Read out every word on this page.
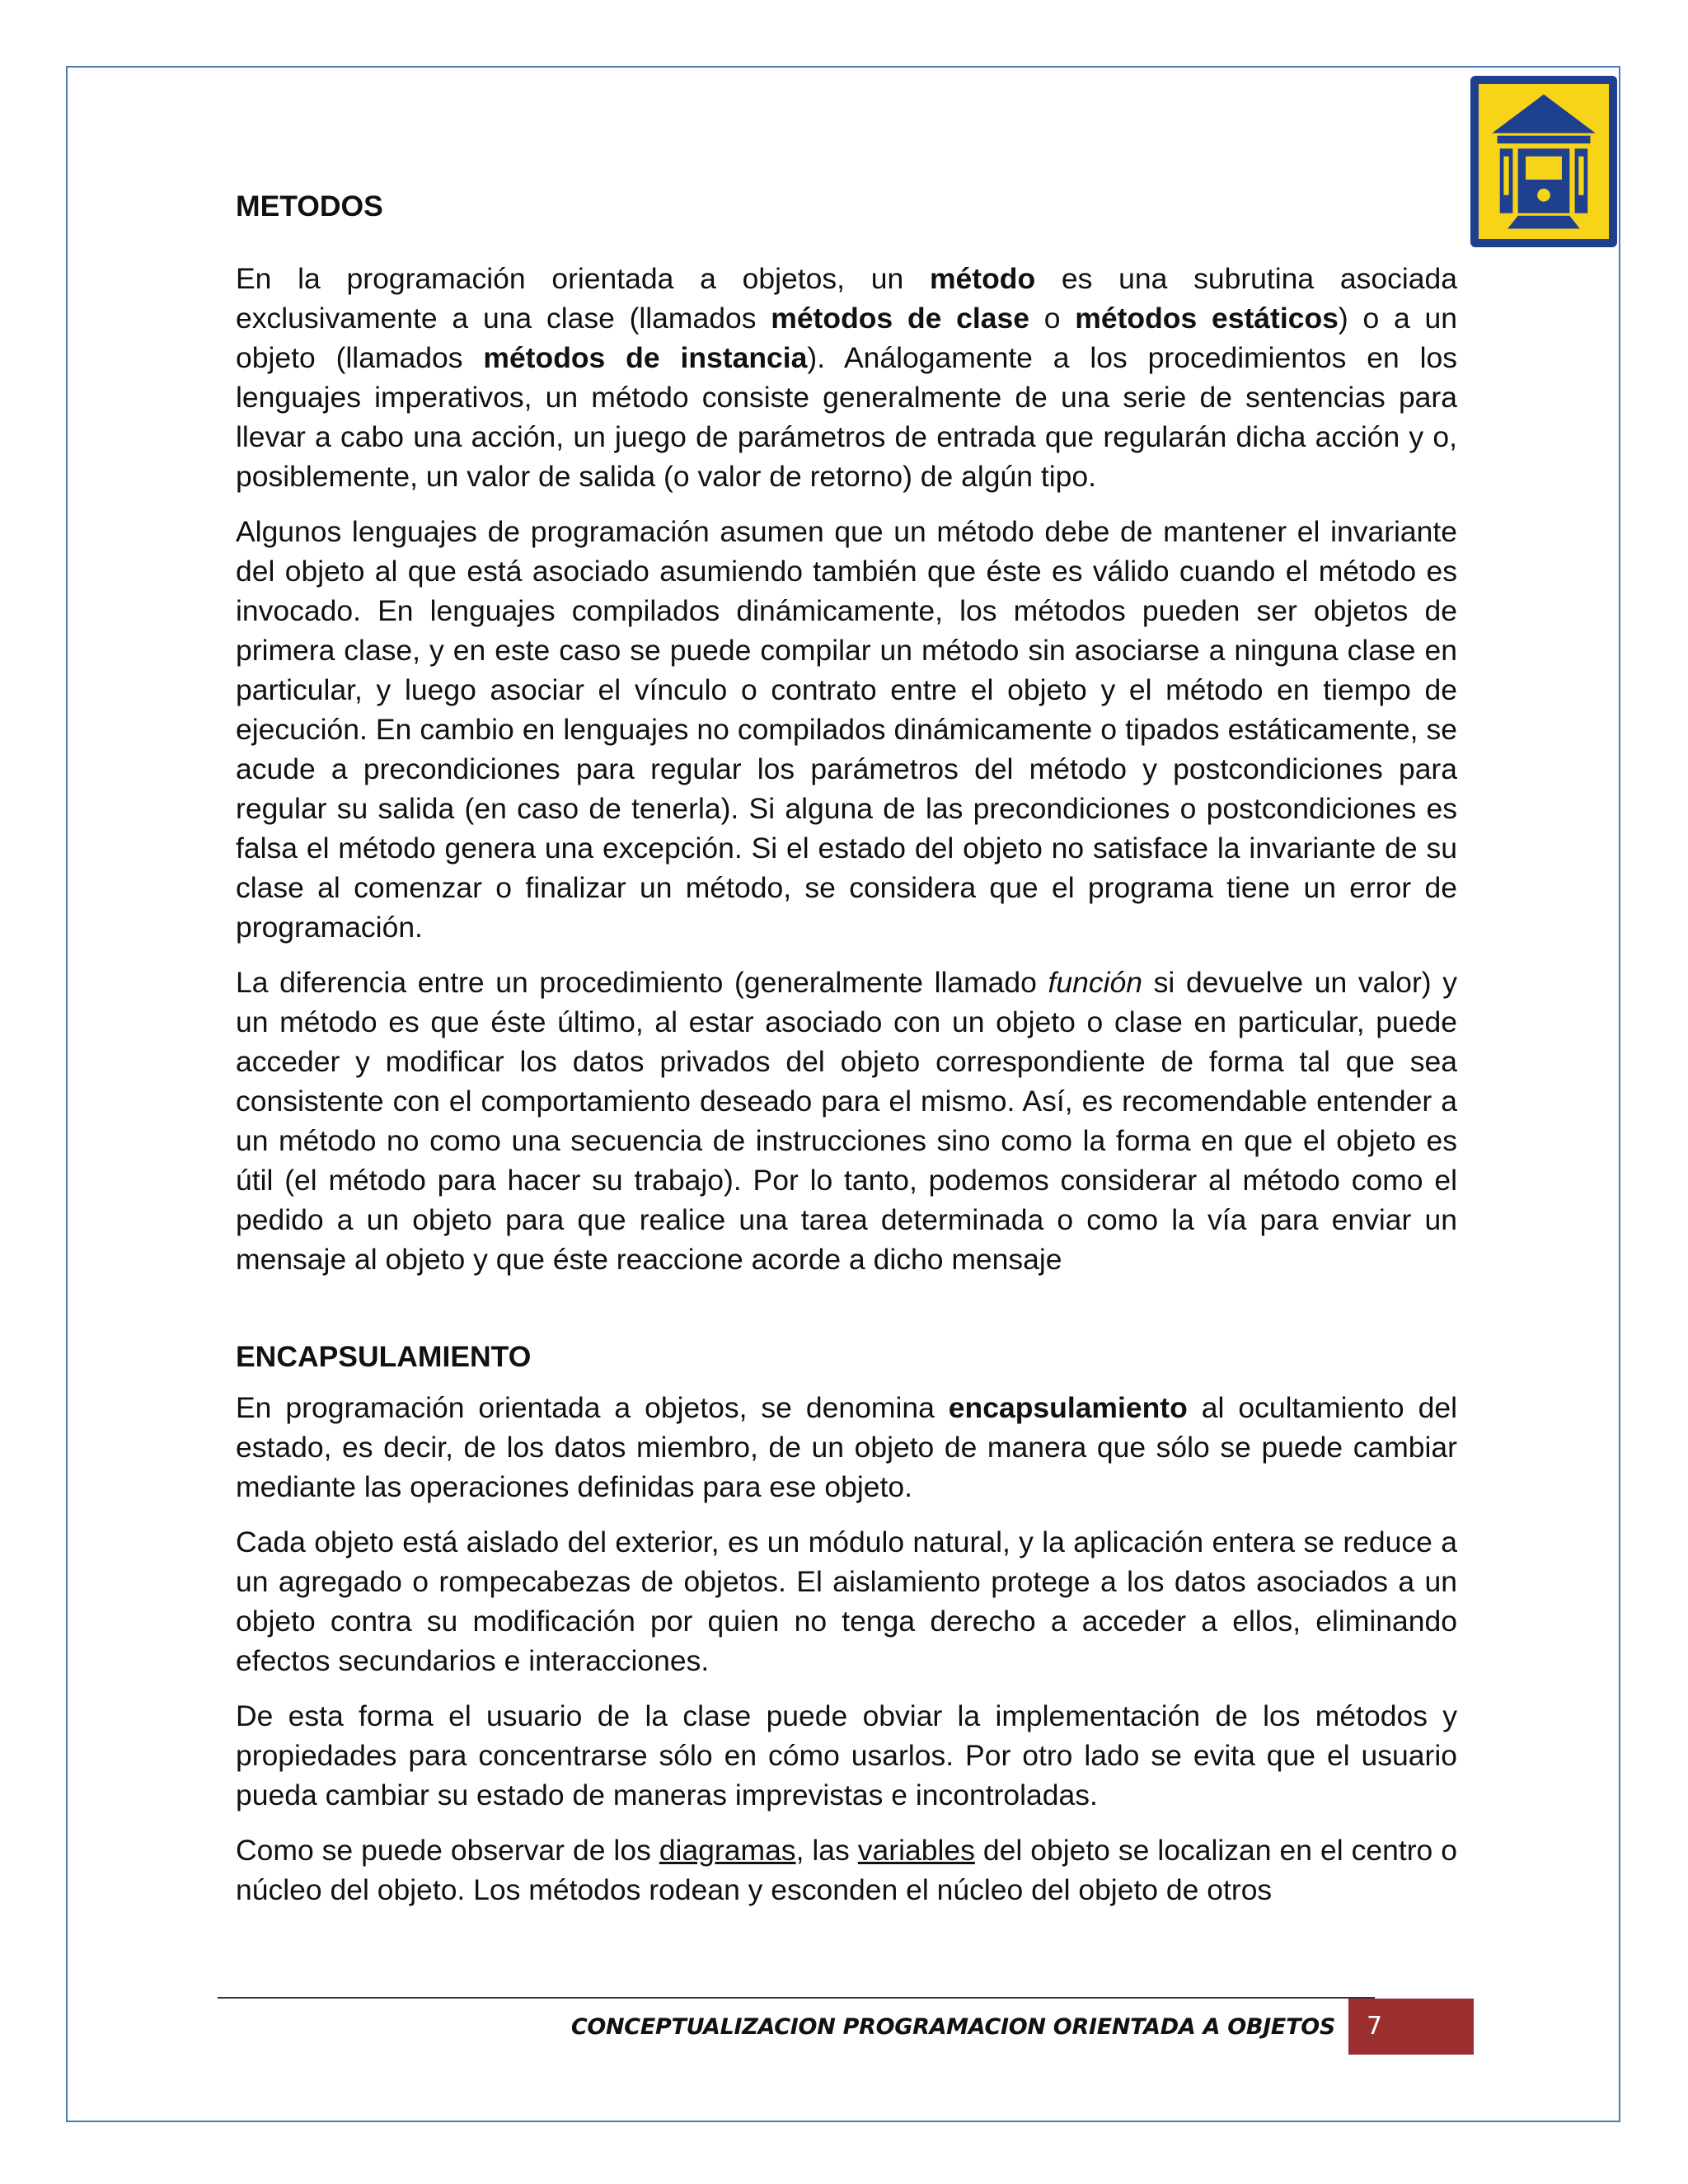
METODOS

En la programación orientada a objetos, un método es una subrutina asociada exclusivamente a una clase (llamados métodos de clase o métodos estáticos) o a un objeto (llamados métodos de instancia). Análogamente a los procedimientos en los lenguajes imperativos, un método consiste generalmente de una serie de sentencias para llevar a cabo una acción, un juego de parámetros de entrada que regularán dicha acción y o, posiblemente, un valor de salida (o valor de retorno) de algún tipo.

Algunos lenguajes de programación asumen que un método debe de mantener el invariante del objeto al que está asociado asumiendo también que éste es válido cuando el método es invocado. En lenguajes compilados dinámicamente, los métodos pueden ser objetos de primera clase, y en este caso se puede compilar un método sin asociarse a ninguna clase en particular, y luego asociar el vínculo o contrato entre el objeto y el método en tiempo de ejecución. En cambio en lenguajes no compilados dinámicamente o tipados estáticamente, se acude a precondiciones para regular los parámetros del método y postcondiciones para regular su salida (en caso de tenerla). Si alguna de las precondiciones o postcondiciones es falsa el método genera una excepción. Si el estado del objeto no satisface la invariante de su clase al comenzar o finalizar un método, se considera que el programa tiene un error de programación.

La diferencia entre un procedimiento (generalmente llamado función si devuelve un valor) y un método es que éste último, al estar asociado con un objeto o clase en particular, puede acceder y modificar los datos privados del objeto correspondiente de forma tal que sea consistente con el comportamiento deseado para el mismo. Así, es recomendable entender a un método no como una secuencia de instrucciones sino como la forma en que el objeto es útil (el método para hacer su trabajo). Por lo tanto, podemos considerar al método como el pedido a un objeto para que realice una tarea determinada o como la vía para enviar un mensaje al objeto y que éste reaccione acorde a dicho mensaje

ENCAPSULAMIENTO

En programación orientada a objetos, se denomina encapsulamiento al ocultamiento del estado, es decir, de los datos miembro, de un objeto de manera que sólo se puede cambiar mediante las operaciones definidas para ese objeto.

Cada objeto está aislado del exterior, es un módulo natural, y la aplicación entera se reduce a un agregado o rompecabezas de objetos. El aislamiento protege a los datos asociados a un objeto contra su modificación por quien no tenga derecho a acceder a ellos, eliminando efectos secundarios e interacciones.

De esta forma el usuario de la clase puede obviar la implementación de los métodos y propiedades para concentrarse sólo en cómo usarlos. Por otro lado se evita que el usuario pueda cambiar su estado de maneras imprevistas e incontroladas.

Como se puede observar de los diagramas, las variables del objeto se localizan en el centro o núcleo del objeto. Los métodos rodean y esconden el núcleo del objeto de otros

CONCEPTUALIZACION PROGRAMACION ORIENTADA A OBJETOS	7
